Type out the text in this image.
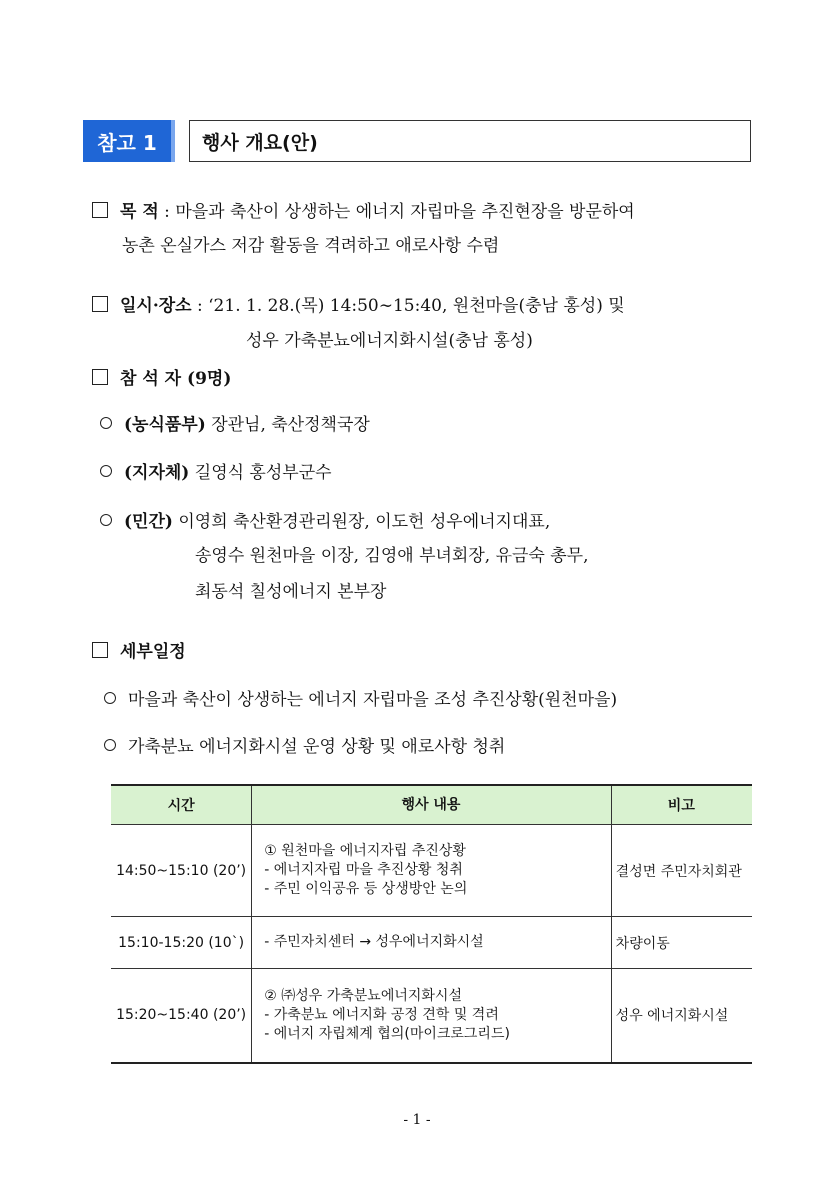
참고 1	행사 개요(안)
목 적 : 마을과 축산이 상생하는 에너지 자립마을 추진현장을 방문하여
농촌 온실가스 저감 활동을 격려하고 애로사항 수렴
일시·장소 : ‘21. 1. 28.(목) 14:50∼15:40, 원천마을(충남 홍성) 및
성우 가축분뇨에너지화시설(충남 홍성)
참 석 자 (9명)
(농식품부) 장관님, 축산정책국장
(지자체) 길영식 홍성부군수
(민간) 이영희 축산환경관리원장, 이도헌 성우에너지대표,
송영수 원천마을 이장, 김영애 부녀회장, 유금숙 총무,
최동석 칠성에너지 본부장
세부일정
마을과 축산이 상생하는 에너지 자립마을 조성 추진상황(원천마을)
가축분뇨 에너지화시설 운영 상황 및 애로사항 청취
시간	행사 내용	비고
14:50~15:10 (20’)	① 원천마을 에너지자립 추진상황
- 에너지자립 마을 추진상황 청취
- 주민 이익공유 등 상생방안 논의	결성면 주민자치회관
15:10-15:20 (10`)	- 주민자치센터 → 성우에너지화시설	차량이동
15:20~15:40 (20’)	② ㈜성우 가축분뇨에너지화시설
- 가축분뇨 에너지화 공정 견학 및 격려
- 에너지 자립체계 협의(마이크로그리드)	성우 에너지화시설
- 1 -
